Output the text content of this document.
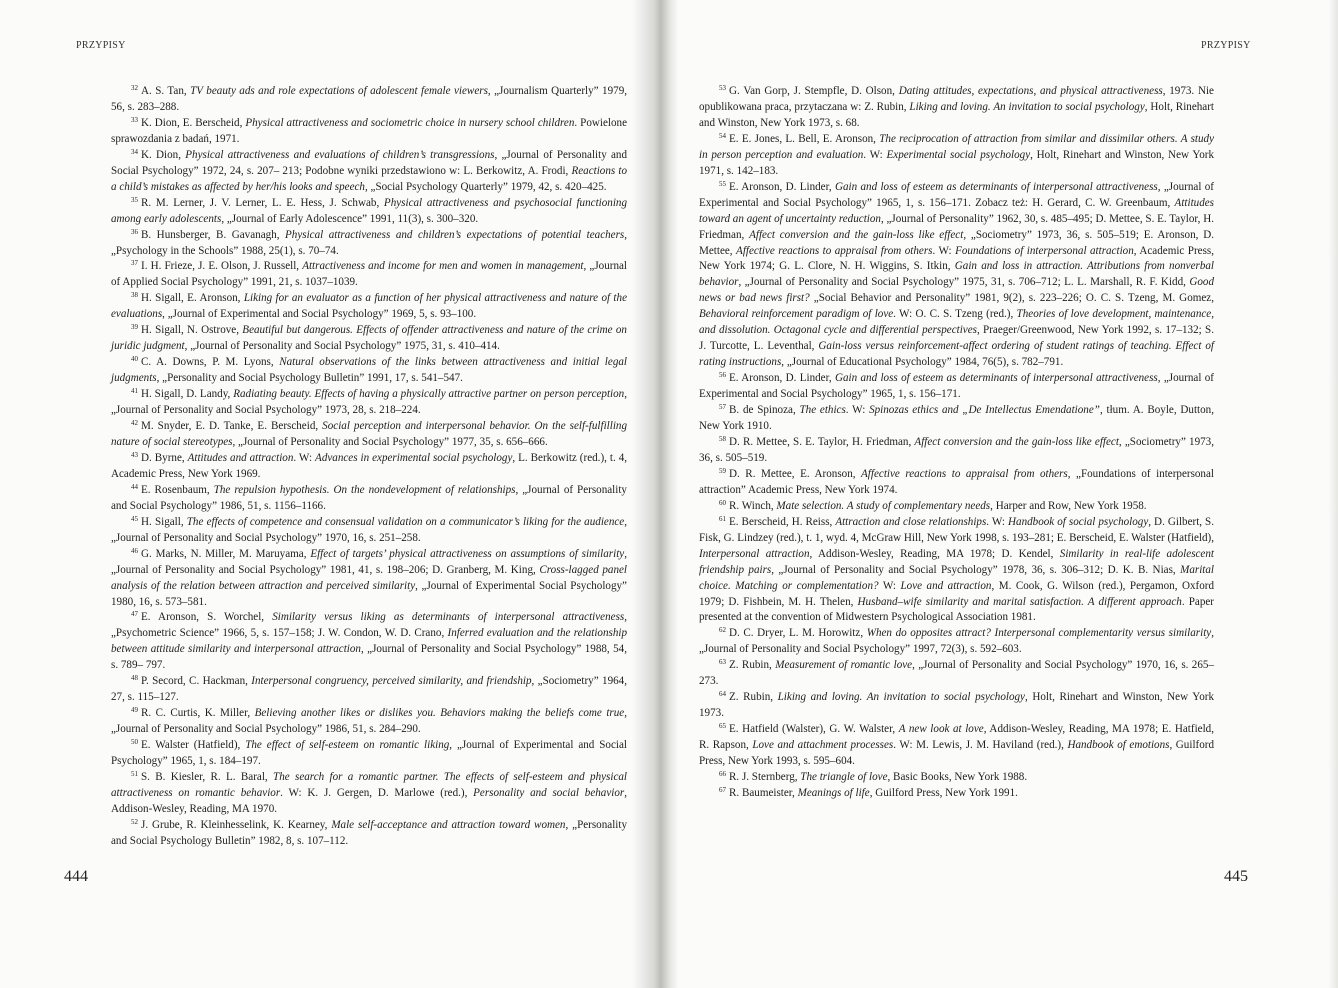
PRZYPISY

$^{32}$ A. S. Tan, TV beauty ads and role expectations of adolescent female viewers, „Journalism Quarterly” 1979, 56, s. 283–288.

$^{33}$ K. Dion, E. Berscheid, Physical attractiveness and sociometric choice in nursery school children. Powielone sprawozdania z badań, 1971.

$^{34}$ K. Dion, Physical attractiveness and evaluations of children’s transgressions, „Journal of Personality and Social Psychology” 1972, 24, s. 207– 213; Podobne wyniki przedstawiono w: L. Berkowitz, A. Frodi, Reactions to a child’s mistakes as affected by her/his looks and speech, „Social Psychology Quarterly” 1979, 42, s. 420–425.

$^{35}$ R. M. Lerner, J. V. Lerner, L. E. Hess, J. Schwab, Physical attractiveness and psychosocial functioning among early adolescents, „Journal of Early Adolescence” 1991, 11(3), s. 300–320.

$^{36}$ B. Hunsberger, B. Gavanagh, Physical attractiveness and children’s expectations of potential teachers, „Psychology in the Schools” 1988, 25(1), s. 70–74.

$^{37}$ I. H. Frieze, J. E. Olson, J. Russell, Attractiveness and income for men and women in management, „Journal of Applied Social Psychology” 1991, 21, s. 1037–1039.

$^{38}$ H. Sigall, E. Aronson, Liking for an evaluator as a function of her physical attractiveness and nature of the evaluations, „Journal of Experimental and Social Psychology” 1969, 5, s. 93–100.

$^{39}$ H. Sigall, N. Ostrove, Beautiful but dangerous. Effects of offender attractiveness and nature of the crime on juridic judgment, „Journal of Personality and Social Psychology” 1975, 31, s. 410–414.

$^{40}$ C. A. Downs, P. M. Lyons, Natural observations of the links between attractiveness and initial legal judgments, „Personality and Social Psychology Bulletin” 1991, 17, s. 541–547.

$^{41}$ H. Sigall, D. Landy, Radiating beauty. Effects of having a physically attractive partner on person perception, „Journal of Personality and Social Psychology” 1973, 28, s. 218–224.

$^{42}$ M. Snyder, E. D. Tanke, E. Berscheid, Social perception and interpersonal behavior. On the self-fulfilling nature of social stereotypes, „Journal of Personality and Social Psychology” 1977, 35, s. 656–666.

$^{43}$ D. Byrne, Attitudes and attraction. W: Advances in experimental social psychology, L. Berkowitz (red.), t. 4, Academic Press, New York 1969.

$^{44}$ E. Rosenbaum, The repulsion hypothesis. On the nondevelopment of relationships, „Journal of Personality and Social Psychology” 1986, 51, s. 1156–1166.

$^{45}$ H. Sigall, The effects of competence and consensual validation on a communicator’s liking for the audience, „Journal of Personality and Social Psychology” 1970, 16, s. 251–258.

$^{46}$ G. Marks, N. Miller, M. Maruyama, Effect of targets’ physical attractiveness on assumptions of similarity, „Journal of Personality and Social Psychology” 1981, 41, s. 198–206; D. Granberg, M. King, Cross-lagged panel analysis of the relation between attraction and perceived similarity, „Journal of Experimental Social Psychology” 1980, 16, s. 573–581.

$^{47}$ E. Aronson, S. Worchel, Similarity versus liking as determinants of interpersonal attractiveness, „Psychometric Science” 1966, 5, s. 157–158; J. W. Condon, W. D. Crano, Inferred evaluation and the relationship between attitude similarity and interpersonal attraction, „Journal of Personality and Social Psychology” 1988, 54, s. 789– 797.

$^{48}$ P. Secord, C. Hackman, Interpersonal congruency, perceived similarity, and friendship, „Sociometry” 1964, 27, s. 115–127.

$^{49}$ R. C. Curtis, K. Miller, Believing another likes or dislikes you. Behaviors making the beliefs come true, „Journal of Personality and Social Psychology” 1986, 51, s. 284–290.

$^{50}$ E. Walster (Hatfield), The effect of self-esteem on romantic liking, „Journal of Experimental and Social Psychology” 1965, 1, s. 184–197.

$^{51}$ S. B. Kiesler, R. L. Baral, The search for a romantic partner. The effects of self-esteem and physical attractiveness on romantic behavior. W: K. J. Gergen, D. Marlowe (red.), Personality and social behavior, Addison-Wesley, Reading, MA 1970.

$^{52}$ J. Grube, R. Kleinhesselink, K. Kearney, Male self-acceptance and attraction toward women, „Personality and Social Psychology Bulletin” 1982, 8, s. 107–112.

444
PRZYPISY

$^{53}$ G. Van Gorp, J. Stempfle, D. Olson, Dating attitudes, expectations, and physical attractiveness, 1973. Nie opublikowana praca, przytaczana w: Z. Rubin, Liking and loving. An invitation to social psychology, Holt, Rinehart and Winston, New York 1973, s. 68.

$^{54}$ E. E. Jones, L. Bell, E. Aronson, The reciprocation of attraction from similar and dissimilar others. A study in person perception and evaluation. W: Experimental social psychology, Holt, Rinehart and Winston, New York 1971, s. 142–183.

$^{55}$ E. Aronson, D. Linder, Gain and loss of esteem as determinants of interpersonal attractiveness, „Journal of Experimental and Social Psychology” 1965, 1, s. 156–171. Zobacz też: H. Gerard, C. W. Greenbaum, Attitudes toward an agent of uncertainty reduction, „Journal of Personality” 1962, 30, s. 485–495; D. Mettee, S. E. Taylor, H. Friedman, Affect conversion and the gain-loss like effect, „Sociometry” 1973, 36, s. 505–519; E. Aronson, D. Mettee, Affective reactions to appraisal from others. W: Foundations of interpersonal attraction, Academic Press, New York 1974; G. L. Clore, N. H. Wiggins, S. Itkin, Gain and loss in attraction. Attributions from nonverbal behavior, „Journal of Personality and Social Psychology” 1975, 31, s. 706–712; L. L. Marshall, R. F. Kidd, Good news or bad news first? „Social Behavior and Personality” 1981, 9(2), s. 223–226; O. C. S. Tzeng, M. Gomez, Behavioral reinforcement paradigm of love. W: O. C. S. Tzeng (red.), Theories of love development, maintenance, and dissolution. Octagonal cycle and differential perspectives, Praeger/Greenwood, New York 1992, s. 17–132; S. J. Turcotte, L. Leventhal, Gain-loss versus reinforcement-affect ordering of student ratings of teaching. Effect of rating instructions, „Journal of Educational Psychology” 1984, 76(5), s. 782–791.

$^{56}$ E. Aronson, D. Linder, Gain and loss of esteem as determinants of interpersonal attractiveness, „Journal of Experimental and Social Psychology” 1965, 1, s. 156–171.

$^{57}$ B. de Spinoza, The ethics. W: Spinozas ethics and „De Intellectus Emendatione”, tłum. A. Boyle, Dutton, New York 1910.

$^{58}$ D. R. Mettee, S. E. Taylor, H. Friedman, Affect conversion and the gain-loss like effect, „Sociometry” 1973, 36, s. 505–519.

$^{59}$ D. R. Mettee, E. Aronson, Affective reactions to appraisal from others, „Foundations of interpersonal attraction” Academic Press, New York 1974.

$^{60}$ R. Winch, Mate selection. A study of complementary needs, Harper and Row, New York 1958.

$^{61}$ E. Berscheid, H. Reiss, Attraction and close relationships. W: Handbook of social psychology, D. Gilbert, S. Fisk, G. Lindzey (red.), t. 1, wyd. 4, McGraw Hill, New York 1998, s. 193–281; E. Berscheid, E. Walster (Hatfield), Interpersonal attraction, Addison-Wesley, Reading, MA 1978; D. Kendel, Similarity in real-life adolescent friendship pairs, „Journal of Personality and Social Psychology” 1978, 36, s. 306–312; D. K. B. Nias, Marital choice. Matching or complementation? W: Love and attraction, M. Cook, G. Wilson (red.), Pergamon, Oxford 1979; D. Fishbein, M. H. Thelen, Husband–wife similarity and marital satisfaction. A different approach. Paper presented at the convention of Midwestern Psychological Association 1981.

$^{62}$ D. C. Dryer, L. M. Horowitz, When do opposites attract? Interpersonal complementarity versus similarity, „Journal of Personality and Social Psychology” 1997, 72(3), s. 592–603.

$^{63}$ Z. Rubin, Measurement of romantic love, „Journal of Personality and Social Psychology” 1970, 16, s. 265–273.

$^{64}$ Z. Rubin, Liking and loving. An invitation to social psychology, Holt, Rinehart and Winston, New York 1973.

$^{65}$ E. Hatfield (Walster), G. W. Walster, A new look at love, Addison-Wesley, Reading, MA 1978; E. Hatfield, R. Rapson, Love and attachment processes. W: M. Lewis, J. M. Haviland (red.), Handbook of emotions, Guilford Press, New York 1993, s. 595–604.

$^{66}$ R. J. Sternberg, The triangle of love, Basic Books, New York 1988.

$^{67}$ R. Baumeister, Meanings of life, Guilford Press, New York 1991.

445
